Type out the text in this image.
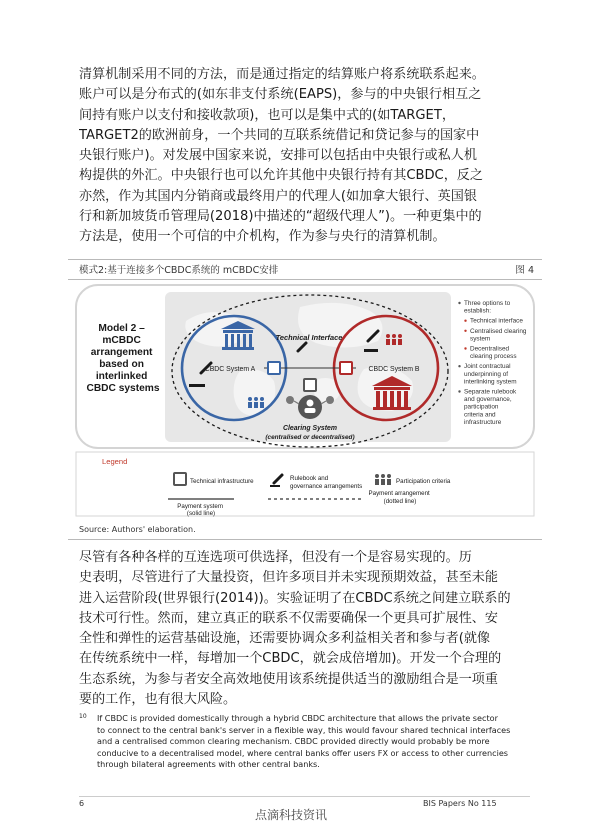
清算机制采用不同的方法，而是通过指定的结算账户将系统联系起来。
账户可以是分布式的(如东非支付系统(EAPS)，参与的中央银行相互之
间持有账户以支付和接收款项)，也可以是集中式的(如TARGET，
TARGET2的欧洲前身，一个共同的互联系统借记和贷记参与的国家中
央银行账户)。对发展中国家来说，安排可以包括由中央银行或私人机
构提供的外汇。中央银行也可以允许其他中央银行持有其CBDC，反之
亦然，作为其国内分销商或最终用户的代理人(如加拿大银行、英国银
行和新加坡货币管理局(2018)中描述的“超级代理人”)。一种更集中的
方法是，使用一个可信的中介机构，作为参与央行的清算机制。
模式2:基于连接多个CBDC系统的 mCBDC安排	图 4
Model 2 – mCBDC arrangement based on interlinked CBDC systems
Technical Interface
CBDC System A	CBDC System B
Clearing System
(centralised or decentralised)
Legend
Technical infrastructure	Rulebook and governance arrangements
Participation criteria
Payment system (solid line)
Payment arrangement (dotted line)
Three options to establish:
Technical interface
Centralised clearing system
Decentralised clearing process
Joint contractual underpinning of interlinking system
Separate rulebook and governance, participation criteria and infrastructure
Source: Authors' elaboration.
尽管有各种各样的互连选项可供选择，但没有一个是容易实现的。历
史表明，尽管进行了大量投资，但许多项目并未实现预期效益，甚至未能
进入运营阶段(世界银行(2014))。实验证明了在CBDC系统之间建立联系的
技术可行性。然而，建立真正的联系不仅需要确保一个更具可扩展性、安
全性和弹性的运营基础设施，还需要协调众多利益相关者和参与者(就像
在传统系统中一样，每增加一个CBDC，就会成倍增加)。开发一个合理的
生态系统，为参与者安全高效地使用该系统提供适当的激励组合是一项重
要的工作，也有很大风险。
10 If CBDC is provided domestically through a hybrid CBDC architecture that allows the private sector
to connect to the central bank's server in a flexible way, this would favour shared technical interfaces
and a centralised common clearing mechanism. CBDC provided directly would probably be more
conducive to a decentralised model, where central banks offer users FX or access to other currencies
through bilateral agreements with other central banks.
6	BIS Papers No 115
点滴科技资讯
